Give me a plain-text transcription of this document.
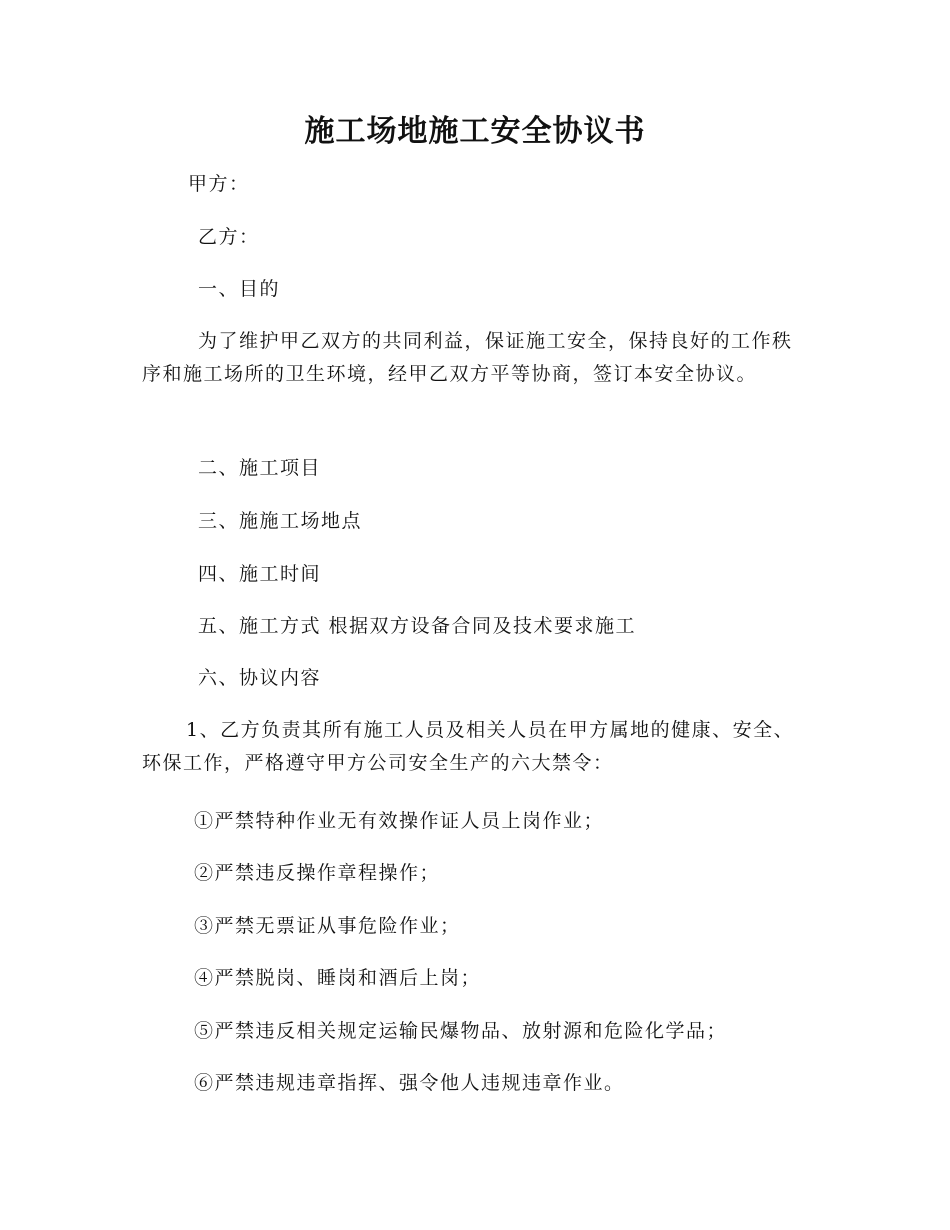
施工场地施工安全协议书
甲方：
乙方：
一、目的
为了维护甲乙双方的共同利益，保证施工安全，保持良好的工作秩序和施工场所的卫生环境，经甲乙双方平等协商，签订本安全协议。
二、施工项目
三、施施工场地点
四、施工时间
五、施工方式 根据双方设备合同及技术要求施工
六、协议内容
1、乙方负责其所有施工人员及相关人员在甲方属地的健康、安全、环保工作，严格遵守甲方公司安全生产的六大禁令：
①严禁特种作业无有效操作证人员上岗作业；
②严禁违反操作章程操作；
③严禁无票证从事危险作业；
④严禁脱岗、睡岗和酒后上岗；
⑤严禁违反相关规定运输民爆物品、放射源和危险化学品；
⑥严禁违规违章指挥、强令他人违规违章作业。
